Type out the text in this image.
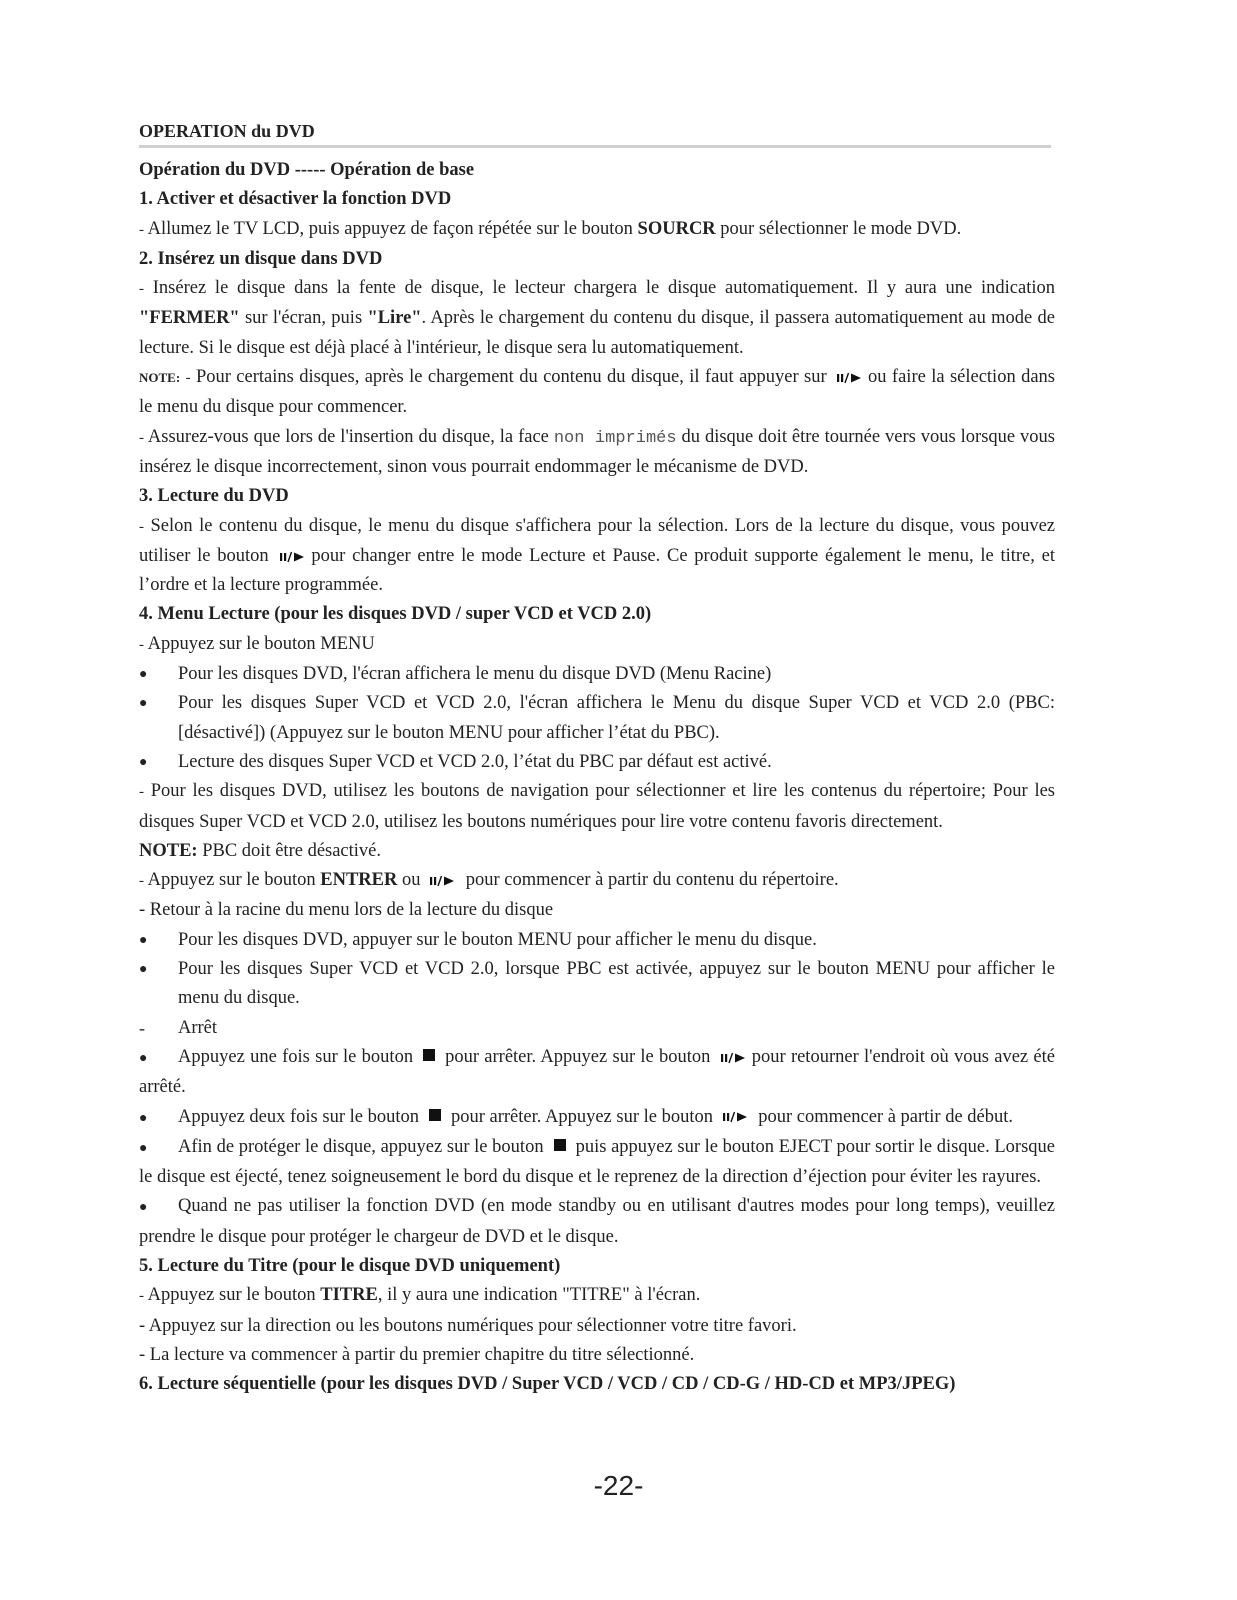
OPERATION du DVD
Opération du DVD ----- Opération de base
1. Activer et désactiver la fonction DVD
- Allumez le TV LCD, puis appuyez de façon répétée sur le bouton SOURCR pour sélectionner le mode DVD.
2. Insérez un disque dans DVD
- Insérez le disque dans la fente de disque, le lecteur chargera le disque automatiquement. Il y aura une indication "FERMER" sur l'écran, puis "Lire". Après le chargement du contenu du disque, il passera automatiquement au mode de lecture. Si le disque est déjà placé à l'intérieur, le disque sera lu automatiquement.
NOTE: - Pour certains disques, après le chargement du contenu du disque, il faut appuyer sur ou faire la sélection dans le menu du disque pour commencer.
- Assurez-vous que lors de l'insertion du disque, la face non imprimés du disque doit être tournée vers vous lorsque vous insérez le disque incorrectement, sinon vous pourrait endommager le mécanisme de DVD.
3. Lecture du DVD
- Selon le contenu du disque, le menu du disque s'affichera pour la sélection. Lors de la lecture du disque, vous pouvez utiliser le bouton pour changer entre le mode Lecture et Pause. Ce produit supporte également le menu, le titre, et l’ordre et la lecture programmée.
4. Menu Lecture (pour les disques DVD / super VCD et VCD 2.0)
- Appuyez sur le bouton MENU
● Pour les disques DVD, l'écran affichera le menu du disque DVD (Menu Racine)
● Pour les disques Super VCD et VCD 2.0, l'écran affichera le Menu du disque Super VCD et VCD 2.0 (PBC: [désactivé]) (Appuyez sur le bouton MENU pour afficher l’état du PBC).
● Lecture des disques Super VCD et VCD 2.0, l’état du PBC par défaut est activé.
- Pour les disques DVD, utilisez les boutons de navigation pour sélectionner et lire les contenus du répertoire; Pour les disques Super VCD et VCD 2.0, utilisez les boutons numériques pour lire votre contenu favoris directement.
NOTE: PBC doit être désactivé.
- Appuyez sur le bouton ENTRER ou  pour commencer à partir du contenu du répertoire.
- Retour à la racine du menu lors de la lecture du disque
● Pour les disques DVD, appuyer sur le bouton MENU pour afficher le menu du disque.
● Pour les disques Super VCD et VCD 2.0, lorsque PBC est activée, appuyez sur le bouton MENU pour afficher le menu du disque.
- Arrêt
● Appuyez une fois sur le bouton pour arrêter. Appuyez sur le bouton pour retourner l'endroit où vous avez été arrêté.
● Appuyez deux fois sur le bouton pour arrêter. Appuyez sur le bouton  pour commencer à partir de début.
● Afin de protéger le disque, appuyez sur le bouton puis appuyez sur le bouton EJECT pour sortir le disque. Lorsque le disque est éjecté, tenez soigneusement le bord du disque et le reprenez de la direction d’éjection pour éviter les rayures.
● Quand ne pas utiliser la fonction DVD (en mode standby ou en utilisant d'autres modes pour long temps), veuillez prendre le disque pour protéger le chargeur de DVD et le disque.
5. Lecture du Titre (pour le disque DVD uniquement)
- Appuyez sur le bouton TITRE, il y aura une indication "TITRE" à l'écran.
- Appuyez sur la direction ou les boutons numériques pour sélectionner votre titre favori.
- La lecture va commencer à partir du premier chapitre du titre sélectionné.
6. Lecture séquentielle (pour les disques DVD / Super VCD / VCD / CD / CD-G / HD-CD et MP3/JPEG)
-22-
